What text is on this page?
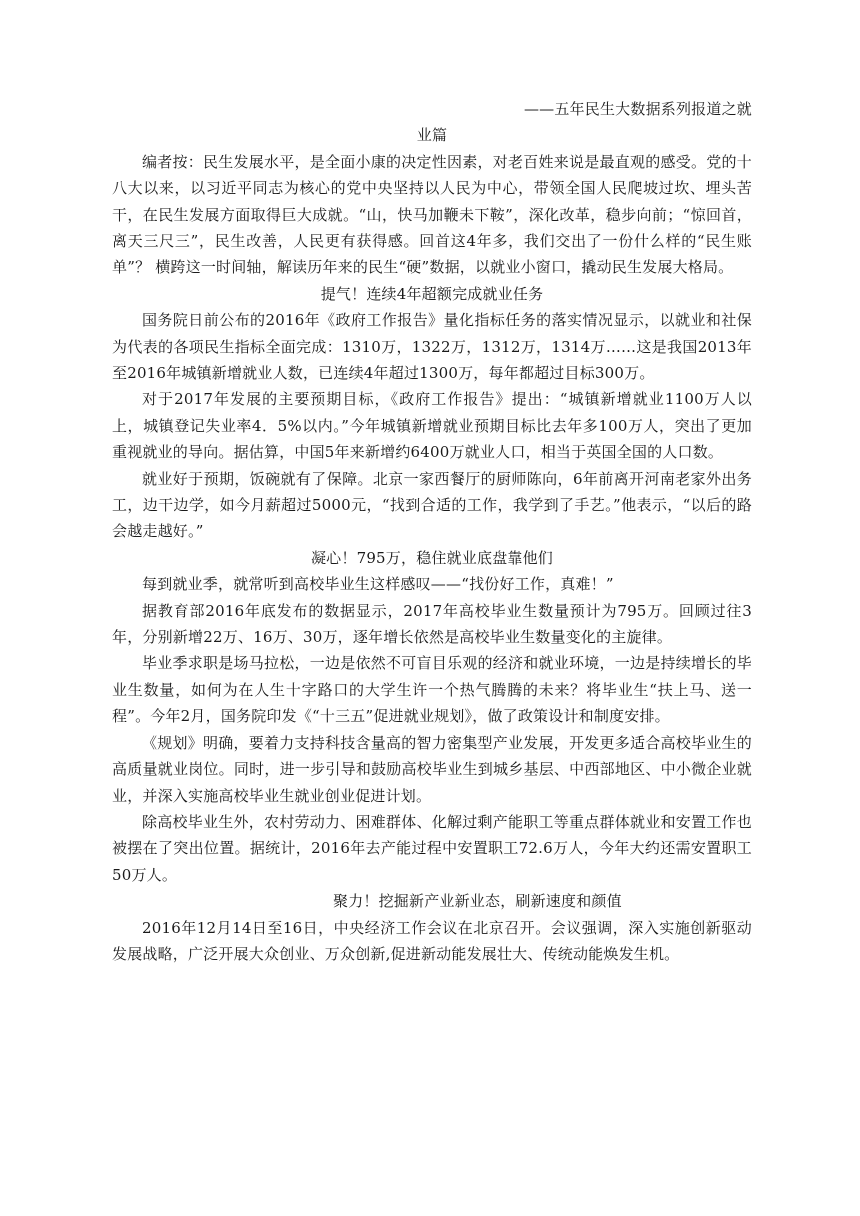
——五年民生大数据系列报道之就
业篇

编者按：民生发展水平，是全面小康的决定性因素，对老百姓来说是最直观的感受。党的十八大以来，以习近平同志为核心的党中央坚持以人民为中心，带领全国人民爬坡过坎、埋头苦干，在民生发展方面取得巨大成就。“山，快马加鞭未下鞍”，深化改革，稳步向前；“惊回首，离天三尺三”，民生改善，人民更有获得感。回首这4年多，我们交出了一份什么样的“民生账单”？ 横跨这一时间轴，解读历年来的民生“硬”数据，以就业小窗口，撬动民生发展大格局。

提气！连续4年超额完成就业任务

国务院日前公布的2016年《政府工作报告》量化指标任务的落实情况显示，以就业和社保为代表的各项民生指标全面完成：1310万，1322万，1312万，1314万……这是我国2013年至2016年城镇新增就业人数，已连续4年超过1300万，每年都超过目标300万。

对于2017年发展的主要预期目标，《政府工作报告》提出：“城镇新增就业1100万人以上，城镇登记失业率4．5%以内。”今年城镇新增就业预期目标比去年多100万人，突出了更加重视就业的导向。据估算，中国5年来新增约6400万就业人口，相当于英国全国的人口数。

就业好于预期，饭碗就有了保障。北京一家西餐厅的厨师陈向，6年前离开河南老家外出务工，边干边学，如今月薪超过5000元，“找到合适的工作，我学到了手艺。”他表示，“以后的路会越走越好。”

凝心！795万，稳住就业底盘靠他们

每到就业季，就常听到高校毕业生这样感叹——“找份好工作，真难！”

据教育部2016年底发布的数据显示，2017年高校毕业生数量预计为795万。回顾过往3年，分别新增22万、16万、30万，逐年增长依然是高校毕业生数量变化的主旋律。

毕业季求职是场马拉松，一边是依然不可盲目乐观的经济和就业环境，一边是持续增长的毕业生数量，如何为在人生十字路口的大学生许一个热气腾腾的未来？将毕业生“扶上马、送一程”。今年2月，国务院印发《“十三五”促进就业规划》，做了政策设计和制度安排。

《规划》明确，要着力支持科技含量高的智力密集型产业发展，开发更多适合高校毕业生的高质量就业岗位。同时，进一步引导和鼓励高校毕业生到城乡基层、中西部地区、中小微企业就业，并深入实施高校毕业生就业创业促进计划。

除高校毕业生外，农村劳动力、困难群体、化解过剩产能职工等重点群体就业和安置工作也被摆在了突出位置。据统计，2016年去产能过程中安置职工72.6万人，今年大约还需安置职工50万人。

聚力！挖掘新产业新业态，刷新速度和颜值

2016年12月14日至16日，中央经济工作会议在北京召开。会议强调，深入实施创新驱动发展战略，广泛开展大众创业、万众创新,促进新动能发展壮大、传统动能焕发生机。
